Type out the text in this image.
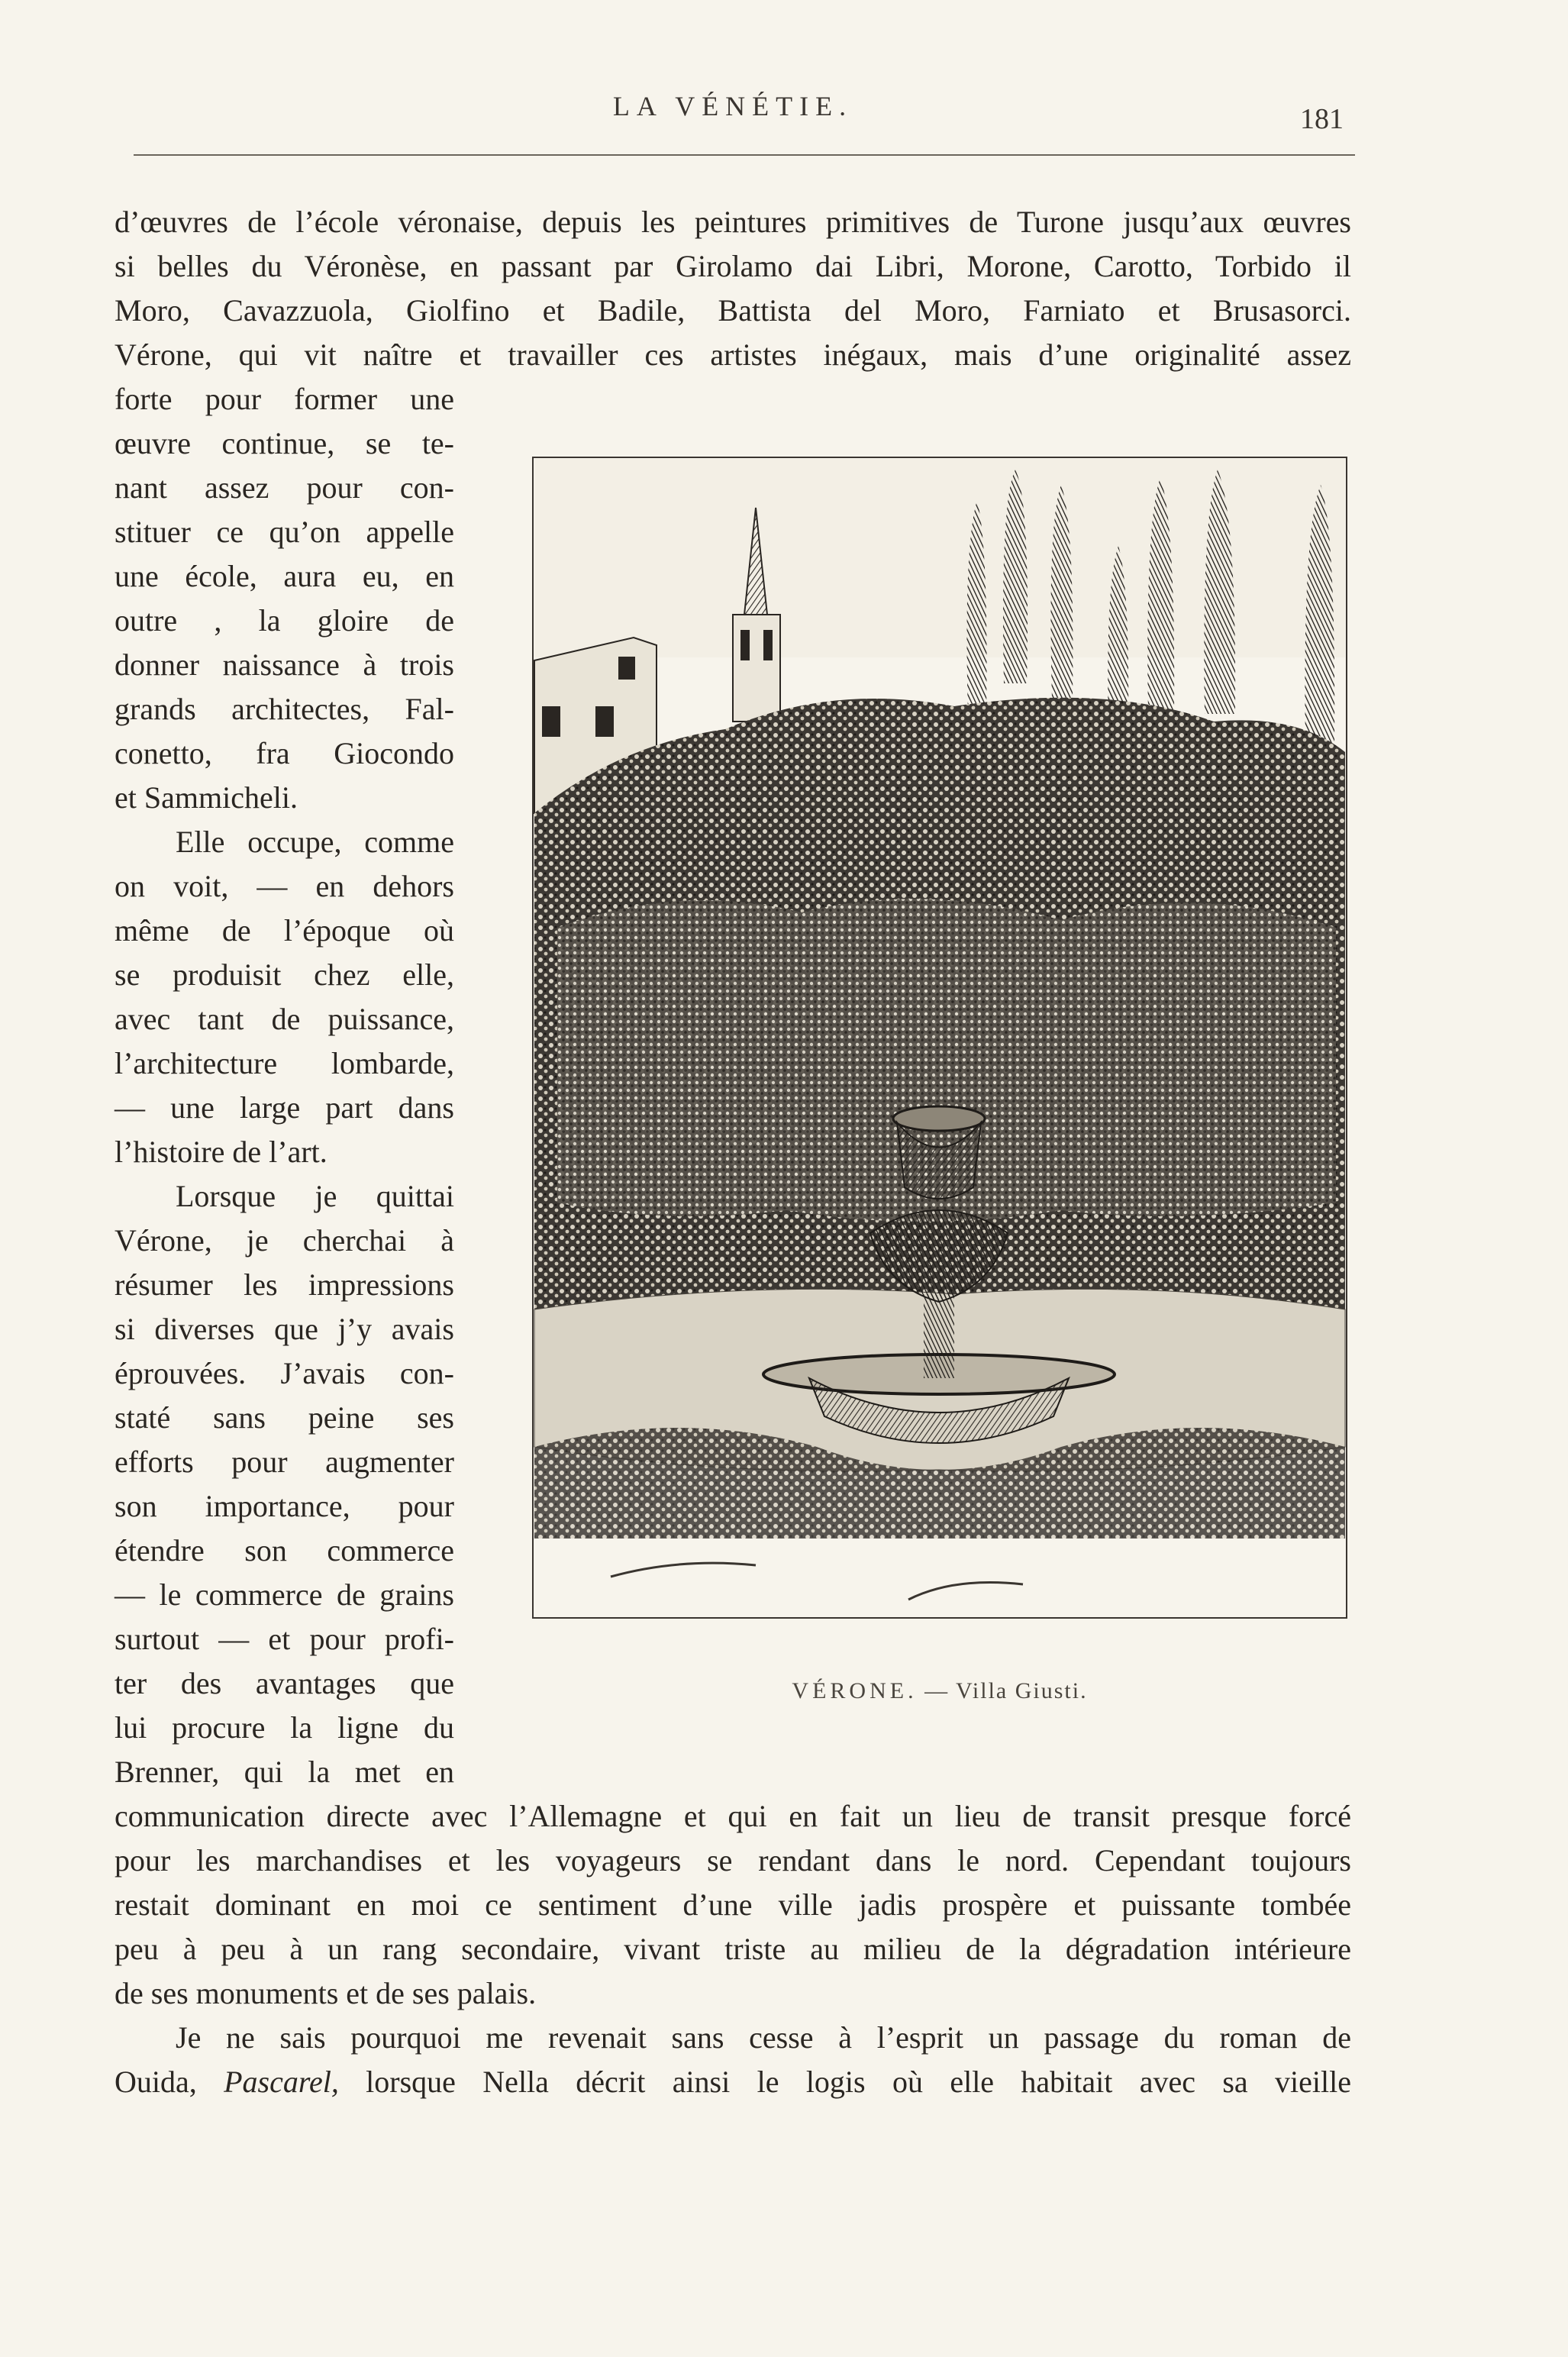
LA VÉNÉTIE.	181
d’œuvres de l’école véronaise, depuis les peintures primitives de Turone jusqu’aux œuvres
si belles du Véronèse, en passant par Girolamo dai Libri, Morone, Carotto, Torbido il
Moro, Cavazzuola, Giolfino et Badile, Battista del Moro, Farniato et Brusasorci.
Vérone, qui vit naître et travailler ces artistes inégaux, mais d’une originalité assez
forte pour former une
œuvre continue, se te-
nant assez pour con-
stituer ce qu’on appelle
une école, aura eu, en
outre , la gloire de
donner naissance à trois
grands architectes, Fal-
conetto, fra Giocondo
et Sammicheli.
Elle occupe, comme
on voit, — en dehors
même de l’époque où
se produisit chez elle,
avec tant de puissance,
l’architecture lombarde,
— une large part dans
l’histoire de l’art.
Lorsque je quittai
Vérone, je cherchai à
résumer les impressions
si diverses que j’y avais
éprouvées. J’avais con-
staté sans peine ses
efforts pour augmenter
son importance, pour
étendre son commerce
— le commerce de grains
surtout — et pour profi-
ter des avantages que
lui procure la ligne du
Brenner, qui la met en
VÉRONE. — Villa Giusti.
communication directe avec l’Allemagne et qui en fait un lieu de transit presque forcé
pour les marchandises et les voyageurs se rendant dans le nord. Cependant toujours
restait dominant en moi ce sentiment d’une ville jadis prospère et puissante tombée
peu à peu à un rang secondaire, vivant triste au milieu de la dégradation intérieure
de ses monuments et de ses palais.
Je ne sais pourquoi me revenait sans cesse à l’esprit un passage du roman de
Ouida, Pascarel, lorsque Nella décrit ainsi le logis où elle habitait avec sa vieille
